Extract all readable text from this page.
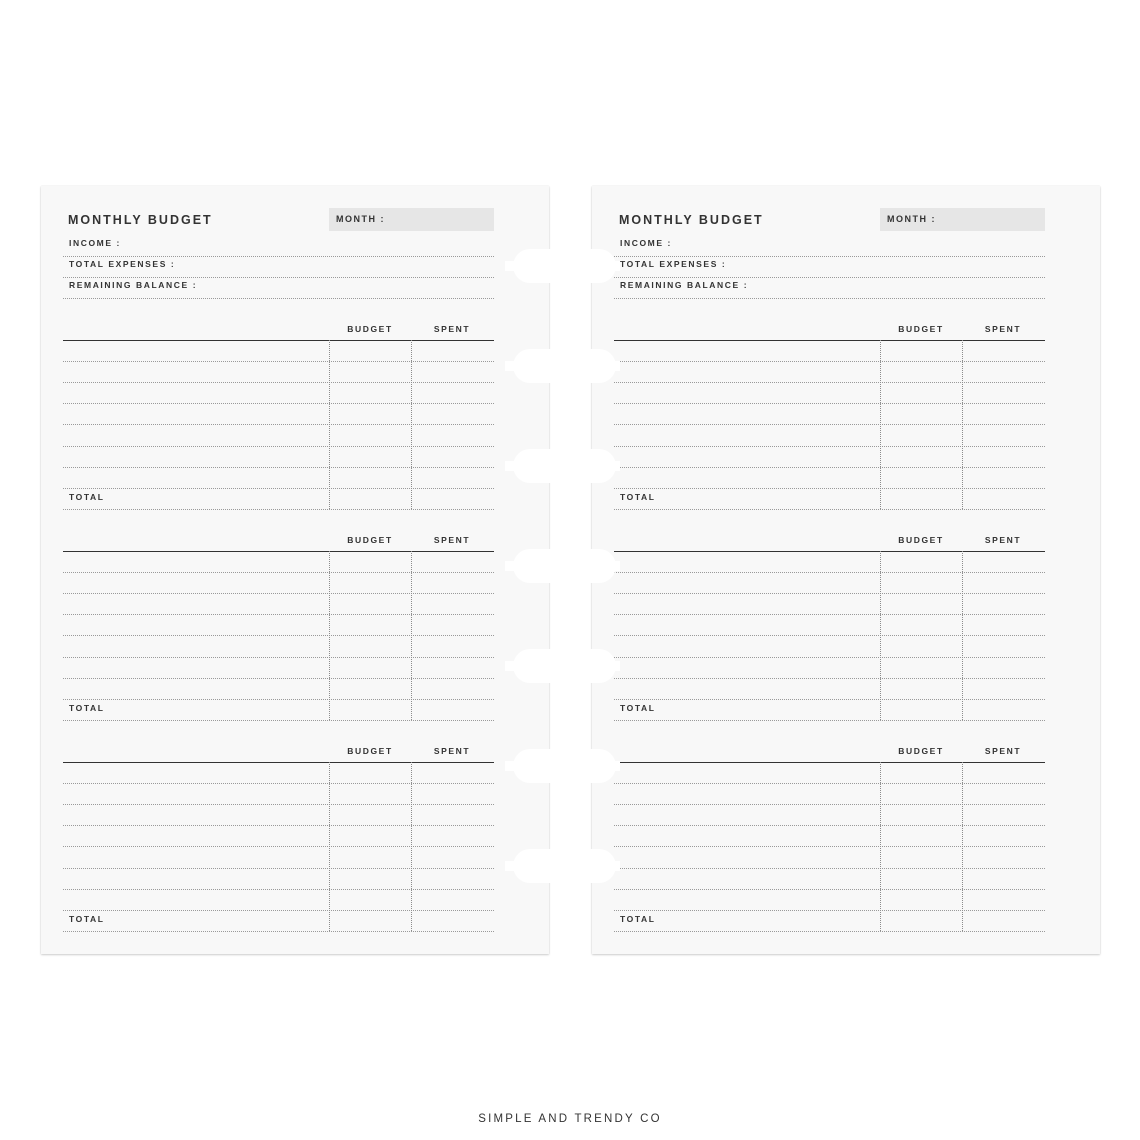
MONTHLY BUDGET	MONTH :
INCOME :
TOTAL EXPENSES :
REMAINING BALANCE :
BUDGET	SPENT
TOTAL
BUDGET	SPENT
TOTAL
BUDGET	SPENT
TOTAL
MONTHLY BUDGET	MONTH :
INCOME :
TOTAL EXPENSES :
REMAINING BALANCE :
BUDGET	SPENT
TOTAL
BUDGET	SPENT
TOTAL
BUDGET	SPENT
TOTAL
SIMPLE AND TRENDY CO
